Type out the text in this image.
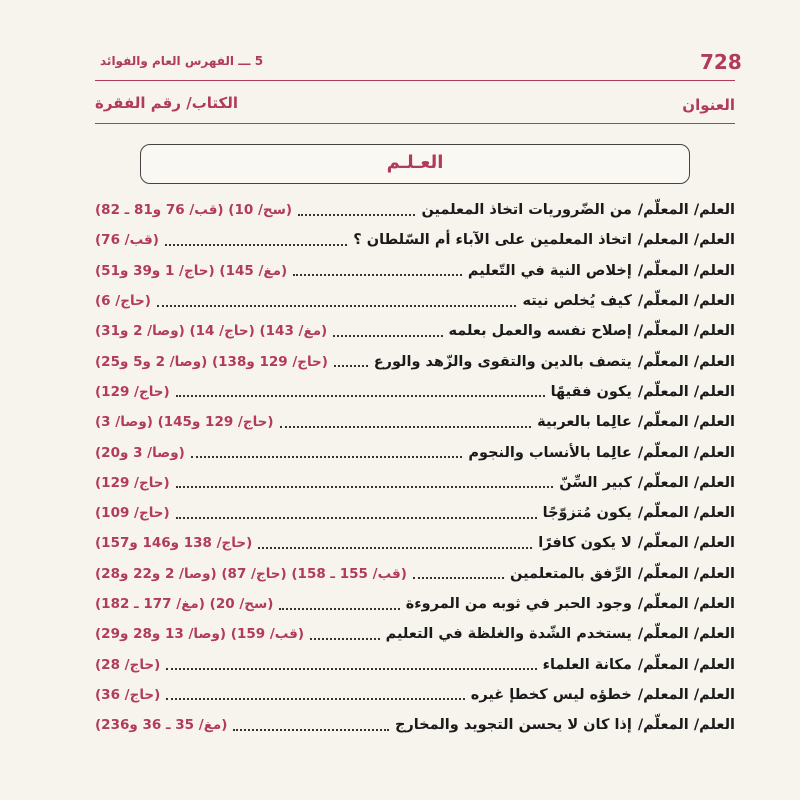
728
5 ـــ الفهرس العام والفوائد
العنوان
الكتاب/ رقم الفقرة
العـلـم
العلم/ المعلّم/
من الضّروريات اتخاذ المعلمين
(سح/ 10) (قب/ 76 و81 ـ 82)
العلم/ المعلم/
اتخاذ المعلمين على الآباء أم السّلطان ؟
(قب/ 76)
العلم/ المعلّم/
إخلاص النية في التّعليم
(مغ/ 145) (حاج/ 1 و39 و51)
العلم/ المعلّم/
كيف يُخلص نيته
(حاج/ 6)
العلم/ المعلّم/
إصلاح نفسه والعمل بعلمه
(مغ/ 143) (حاج/ 14) (وصا/ 2 و31)
العلم/ المعلّم/
يتصف بالدين والتقوى والزّهد والورع
(حاج/ 129 و138) (وصا/ 2 و5 و25)
العلم/ المعلّم/
يكون فقيهًا
(حاج/ 129)
العلم/ المعلّم/
عالِما بالعربية
(حاج/ 129 و145) (وصا/ 3)
العلم/ المعلّم/
عالِما بالأنساب والنجوم
(وصا/ 3 و20)
العلم/ المعلّم/
كبير السِّنّ
(حاج/ 129)
العلم/ المعلّم/
يكون مُتزوّجًا
(حاج/ 109)
العلم/ المعلّم/
لا يكون كافرًا
(حاج/ 138 و146 و157)
العلم/ المعلّم/
الرِّفق بالمتعلمين
(قب/ 155 ـ 158) (حاج/ 87) (وصا/ 2 و22 و28)
العلم/ المعلّم/
وجود الحبر في ثوبه من المروءة
(سح/ 20) (مغ/ 177 ـ 182)
العلم/ المعلّم/
يستخدم الشّدة والغلظة في التعليم
(قب/ 159) (وصا/ 13 و28 و29)
العلم/ المعلّم/
مكانة العلماء
(حاج/ 28)
العلم/ المعلم/
خطؤه ليس كخطإ غيره
(حاج/ 36)
العلم/ المعلّم/
إذا كان لا يحسن التجويد والمخارج
(مغ/ 35 ـ 36 و236)
